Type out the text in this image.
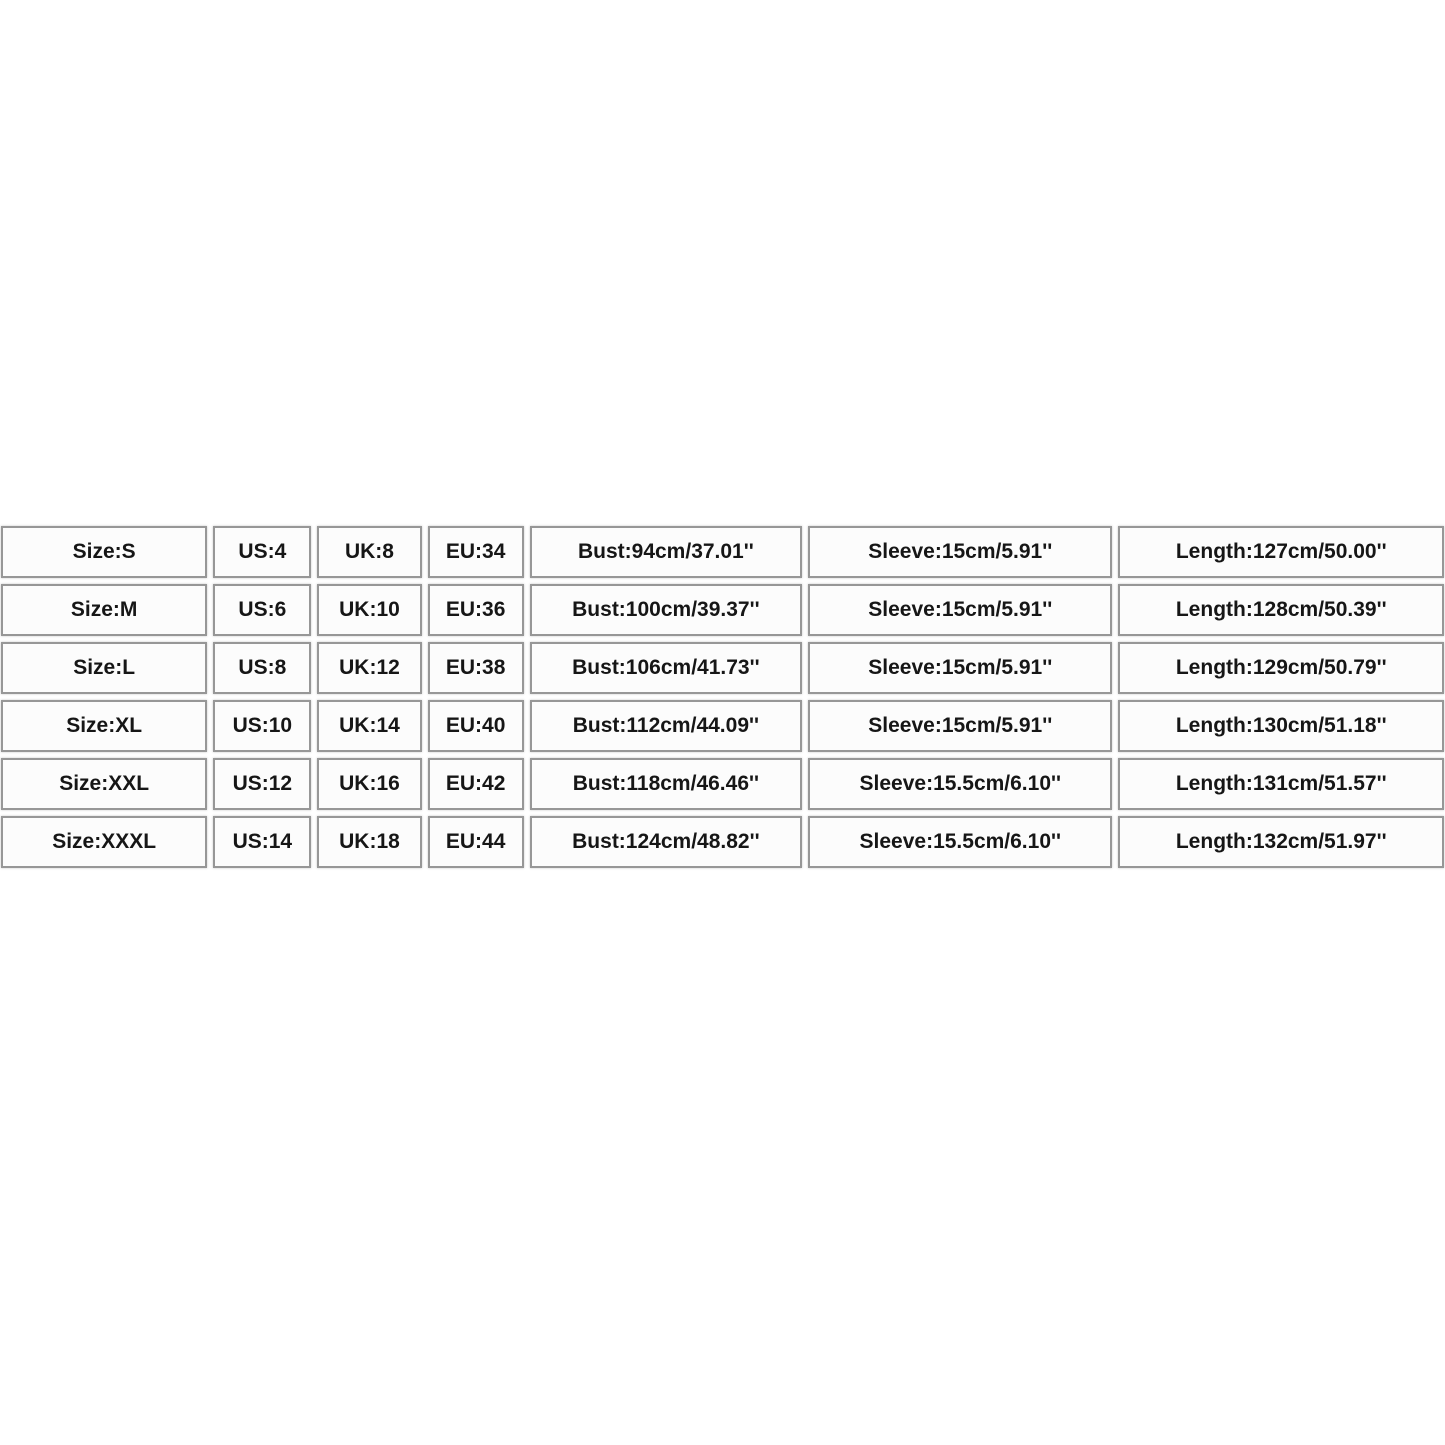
Size:S	US:4	UK:8	EU:34	Bust:94cm/37.01''	Sleeve:15cm/5.91''	Length:127cm/50.00''
Size:M	US:6	UK:10	EU:36	Bust:100cm/39.37''	Sleeve:15cm/5.91''	Length:128cm/50.39''
Size:L	US:8	UK:12	EU:38	Bust:106cm/41.73''	Sleeve:15cm/5.91''	Length:129cm/50.79''
Size:XL	US:10	UK:14	EU:40	Bust:112cm/44.09''	Sleeve:15cm/5.91''	Length:130cm/51.18''
Size:XXL	US:12	UK:16	EU:42	Bust:118cm/46.46''	Sleeve:15.5cm/6.10''	Length:131cm/51.57''
Size:XXXL	US:14	UK:18	EU:44	Bust:124cm/48.82''	Sleeve:15.5cm/6.10''	Length:132cm/51.97''
